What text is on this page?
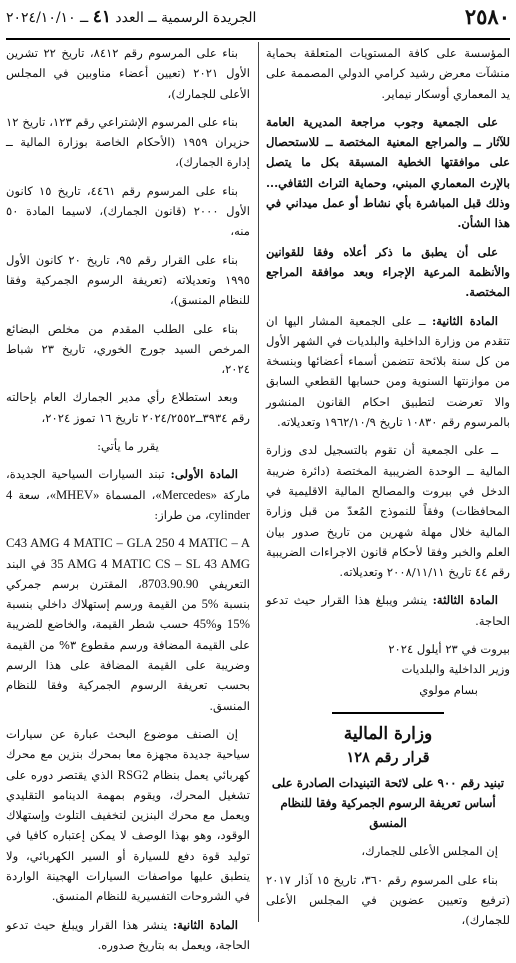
٢٥٨٠
الجريدة الرسمية ــ العدد ٤١ ــ ٢٠٢٤/١٠/١٠

المؤسسة على كافة المستويات المتعلقة بحماية منشآت معرض رشيد كرامي الدولي المصممة على يد المعماري أوسكار نيماير.

على الجمعية وجوب مراجعة المديرية العامة للآثار ــ والمراجع المعنية المختصة ــ للاستحصال على موافقتها الخطية المسبقة بكل ما يتصل بالإرث المعماري المبني، وحماية التراث الثقافي... وذلك قبل المباشرة بأي نشاط أو عمل ميداني في هذا الشأن.

على أن يطبق ما ذكر أعلاه وفقا للقوانين والأنظمة المرعية الإجراء وبعد موافقة المراجع المختصة.

المادة الثانية: ــ على الجمعية المشار اليها ان تتقدم من وزارة الداخلية والبلديات في الشهر الأول من كل سنة بلائحة تتضمن أسماء أعضائها وبنسخة من موازنتها السنوية ومن حسابها القطعي السابق والا تعرضت لتطبيق احكام القانون المنشور بالمرسوم رقم ١٠٨٣٠ تاريخ ١٩٦٢/١٠/٩ وتعديلاته.

ــ على الجمعية أن تقوم بالتسجيل لدى وزارة المالية ــ الوحدة الضريبية المختصة (دائرة ضريبة الدخل في بيروت والمصالح المالية الاقليمية في المحافظات) وفقاً للنموذج المُعدّ من قبل وزارة المالية خلال مهلة شهرين من تاريخ صدور بيان العلم والخبر وفقا لأحكام قانون الاجراءات الضريبية رقم ٤٤ تاريخ ٢٠٠٨/١١/١١ وتعديلاته.

المادة الثالثة: ينشر ويبلغ هذا القرار حيث تدعو الحاجة.

بيروت في ٢٣ أيلول ٢٠٢٤

وزير الداخلية والبلديات

بسام مولوي

وزارة المالية
قرار رقم ١٢٨
تبنيد رقم ٩٠٠ على لائحة التبنيدات الصادرة على أساس تعريفة الرسوم الجمركية وفقا للنظام المنسق

إن المجلس الأعلى للجمارك،

بناء على المرسوم رقم ٣٦٠، تاريخ ١٥ آذار ٢٠١٧ (ترفيع وتعيين عضوين في المجلس الأعلى للجمارك)،

بناء على المرسوم رقم ٨٤١٢، تاريخ ٢٢ تشرين الأول ٢٠٢١ (تعيين أعضاء مناوبين في المجلس الأعلى للجمارك)،

بناء على المرسوم الإشتراعي رقم ١٢٣، تاريخ ١٢ حزيران ١٩٥٩ (الأحكام الخاصة بوزارة المالية ــ إدارة الجمارك)،

بناء على المرسوم رقم ٤٤٦١، تاريخ ١٥ كانون الأول ٢٠٠٠ (قانون الجمارك)، لاسيما المادة ٥٠ منه،

بناء على القرار رقم ٩٥، تاريخ ٢٠ كانون الأول ١٩٩٥ وتعديلاته (تعريفة الرسوم الجمركية وفقا للنظام المنسق)،

بناء على الطلب المقدم من مخلص البضائع المرخص السيد جورج الخوري، تاريخ ٢٣ شباط ٢٠٢٤،

وبعد استطلاع رأي مدير الجمارك العام بإحالته رقم ٣٩٣٤ــ٢٠٢٤/٢٥٥٢ تاريخ ١٦ تموز ٢٠٢٤،

يقرر ما يأتي:

المادة الأولى: تبند السيارات السياحية الجديدة، ماركة «Mercedes»، المسماة «MHEV»، سعة 4 cylinder، من طراز:

C43 AMG 4 MATIC – GLA 250 4 MATIC – A 35 AMG 4 MATIC CS – SL 43 AMG في البند التعريفي 8703.90.90، المقترن برسم جمركي بنسبة 5% من القيمة ورسم إستهلاك داخلي بنسبة 15% و45% حسب شطر القيمة، والخاضع للضريبة على القيمة المضافة ورسم مقطوع ٣% من القيمة وضريبة على القيمة المضافة على هذا الرسم بحسب تعريفة الرسوم الجمركية وفقا للنظام المنسق.

إن الصنف موضوع البحث عبارة عن سيارات سياحية جديدة مجهزة معا بمحرك بنزين مع محرك كهربائي يعمل بنظام RSG2 الذي يقتصر دوره على تشغيل المحرك، ويقوم بمهمة الدينامو التقليدي ويعمل مع محرك البنزين لتخفيف التلوث وإستهلاك الوقود، وهو بهذا الوصف لا يمكن إعتباره كافيا في توليد قوة دفع للسيارة أو السير الكهربائي، ولا ينطبق عليها مواصفات السيارات الهجينة الواردة في الشروحات التفسيرية للنظام المنسق.

المادة الثانية: ينشر هذا القرار ويبلغ حيث تدعو الحاجة، ويعمل به بتاريخ صدوره.
